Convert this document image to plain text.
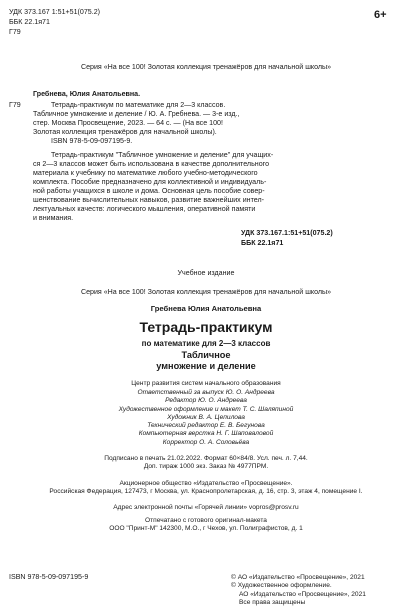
УДК 373.167 1:51+51(075.2)
ББК 22.1я71
Г79
6+
Серия «На все 100! Золотая коллекция тренажёров для начальной школы»
Г79
Гребнева, Юлия Анатольевна.
Тетрадь-практикум по математике для 2—3 классов.
Табличное умножение и деление / Ю. А. Гребнева. — 3-е изд.,
стер. Москва Просвещение, 2023. — 64 с. — (На все 100!
Золотая коллекция тренажёров для начальной школы).
ISBN 978-5-09-097195-9.
Тетрадь-практикум "Табличное умножение и деление" для учащих-
ся 2—3 классов может быть использована в качестве дополнительного
материала к учебнику по математике любого учебно-методического
комплекта. Пособие предназначено для коллективной и индивидуаль-
ной работы учащихся в школе и дома. Основная цель пособие совер-
шенствование вычислительных навыков, развитие важнейших интел-
лектуальных качеств: логического мышления, оперативной памяти
и внимания.
УДК 373.167.1:51+51(075.2)
ББК 22.1я71
Учебное издание
Серия «На все 100! Золотая коллекция тренажёров для начальной школы»
Гребнева Юлия Анатольевна
Тетрадь-практикум
по математике для 2—3 классов
Табличное
умножение и деление
Центр развития систем начального образования
Ответственный за выпуск Ю. О. Андреева
Редактор Ю. О. Андреева
Художественное оформление и макет Т. С. Шаляпиной
Художник В. А. Цепилова
Технический редактор Е. В. Бегунова
Компьютерная верстка Н. Г. Шаповаловой
Корректор О. А. Соловьёва
Подписано в печать 21.02.2022. Формат 60×84/8. Усл. печ. л. 7,44.
Доп. тираж 1000 экз. Заказ № 4977ПРМ.
Акционерное общество «Издательство «Просвещение».
Российская Федерация, 127473, г Москва, ул. Краснопролетарская, д. 16, стр. 3, этаж 4, помещение I.
Адрес электронной почты «Горячей линии» vopros@prosv.ru
Отпечатано с готового оригинал-макета
ООО "Принт-М" 142300, М.О., г Чехов, ул. Полиграфистов, д. 1
ISBN 978-5-09-097195-9	© АО «Издательство «Просвещение», 2021
© Художественное оформление.
АО «Издательство «Просвещение», 2021
Все права защищены
